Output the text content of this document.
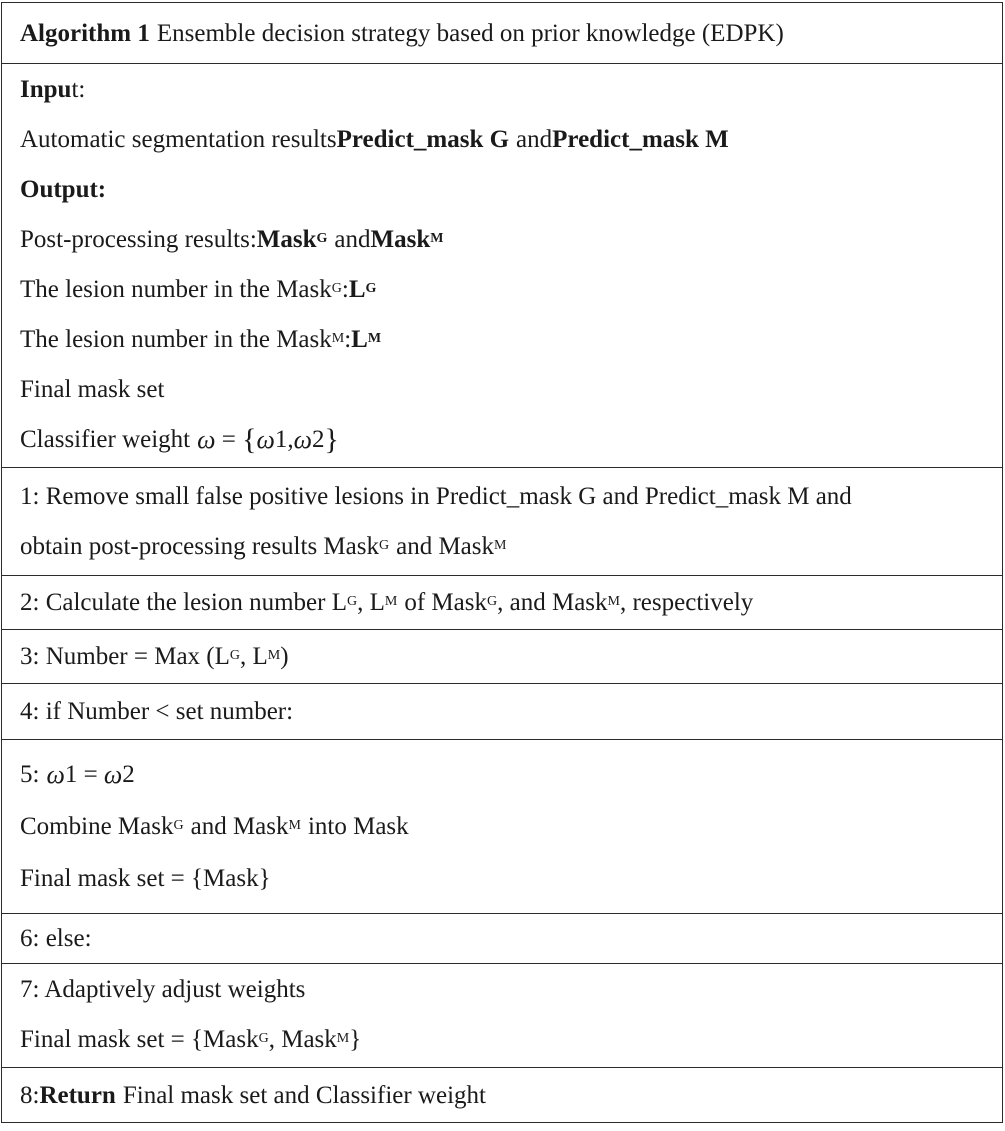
Algorithm 1 Ensemble decision strategy based on prior knowledge (EDPK)
Inpu t:
Automatic segmentation results Predict_mask G and Predict_mask M
Output:
Post-processing results: Mask G and Mask M
The lesion number in the Mask G : L G
The lesion number in the Mask M : L M
Final mask set
Classifier weight ω = { ω 1 , ω 2 }
1: Remove small false positive lesions in Predict_mask G and Predict_mask M and
obtain post-processing results Mask G and Mask M
2: Calculate the lesion number L G , L M of Mask G , and Mask M , respectively
3: Number = Max (L G , L M )
4: if Number < set number:
5: ω 1 = ω 2
Combine Mask G and Mask M into Mask
Final mask set = {Mask}
6: else:
7: Adaptively adjust weights
Final mask set = {Mask G , Mask M }
8: Return Final mask set and Classifier weight
